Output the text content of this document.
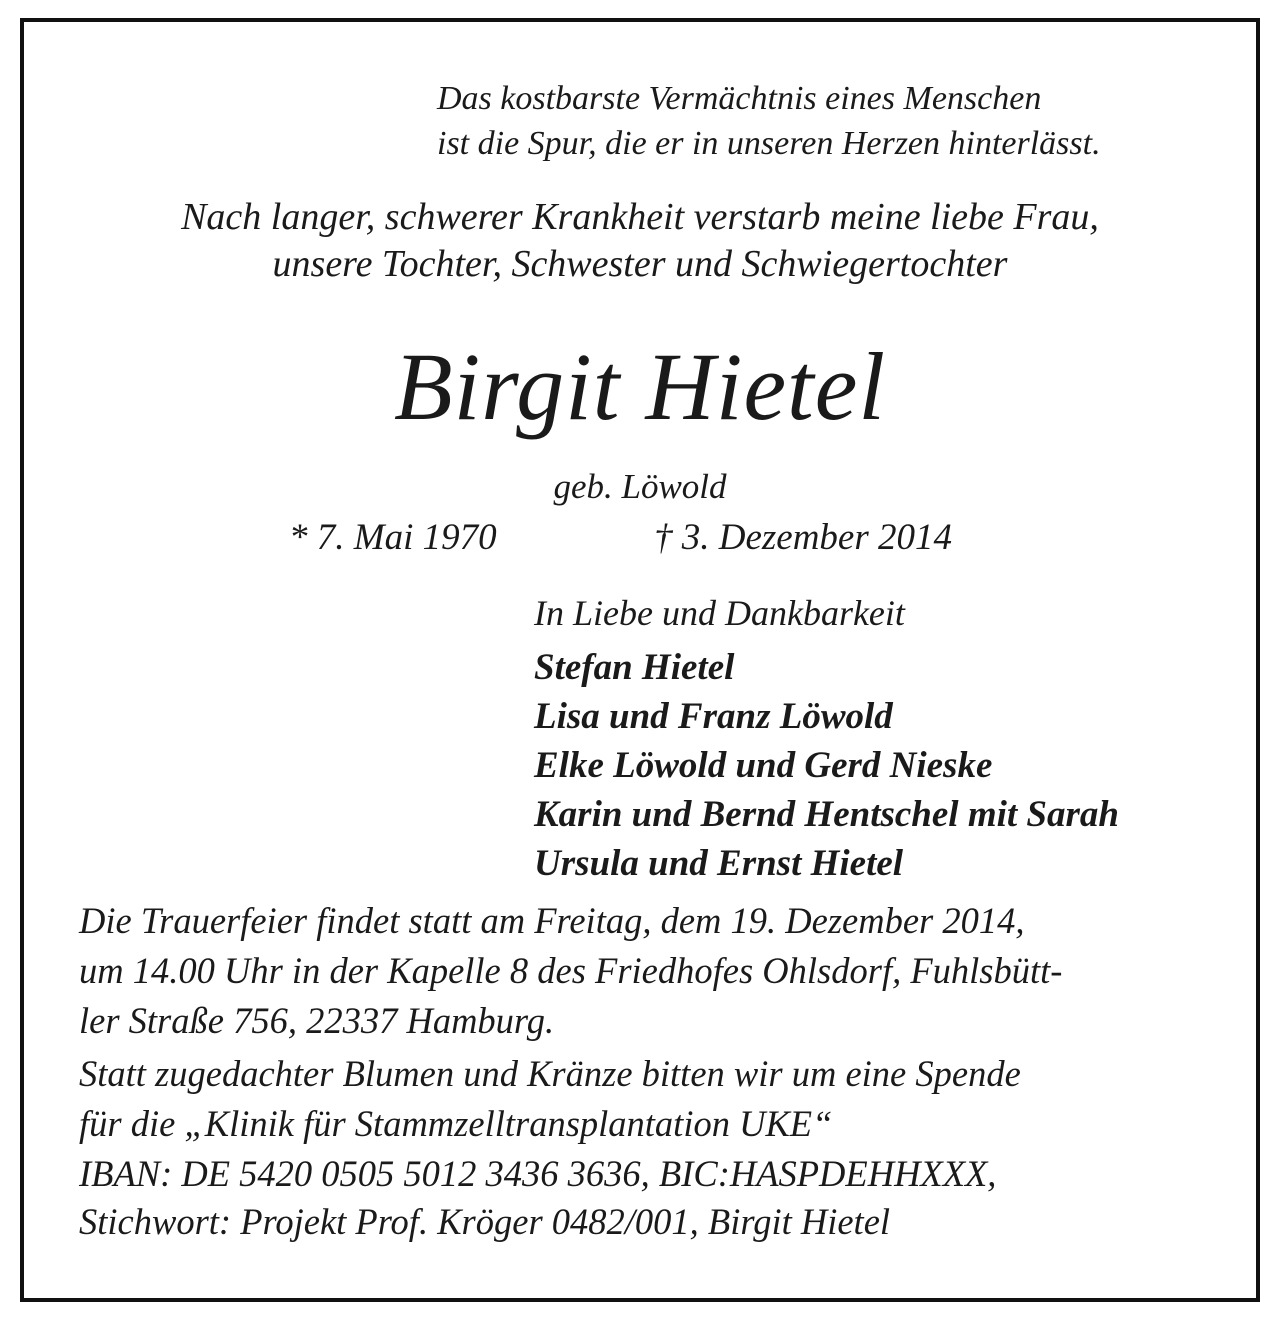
Das kostbarste Vermächtnis eines Menschen

ist die Spur, die er in unseren Herzen hinterlässt.

Nach langer, schwerer Krankheit verstarb meine liebe Frau,

unsere Tochter, Schwester und Schwiegertochter

Birgit Hietel

geb. Löwold

* 7. Mai 1970	† 3. Dezember 2014

In Liebe und Dankbarkeit

Stefan Hietel

Lisa und Franz Löwold

Elke Löwold und Gerd Nieske

Karin und Bernd Hentschel mit Sarah

Ursula und Ernst Hietel

Die Trauerfeier findet statt am Freitag, dem 19. Dezember 2014,

um 14.00 Uhr in der Kapelle 8 des Friedhofes Ohlsdorf, Fuhlsbütt-

ler Straße 756, 22337 Hamburg.

Statt zugedachter Blumen und Kränze bitten wir um eine Spende

für die „Klinik für Stammzelltransplantation UKE“

IBAN: DE 5420 0505 5012 3436 3636, BIC:HASPDEHHXXX,

Stichwort: Projekt Prof. Kröger 0482/001, Birgit Hietel
